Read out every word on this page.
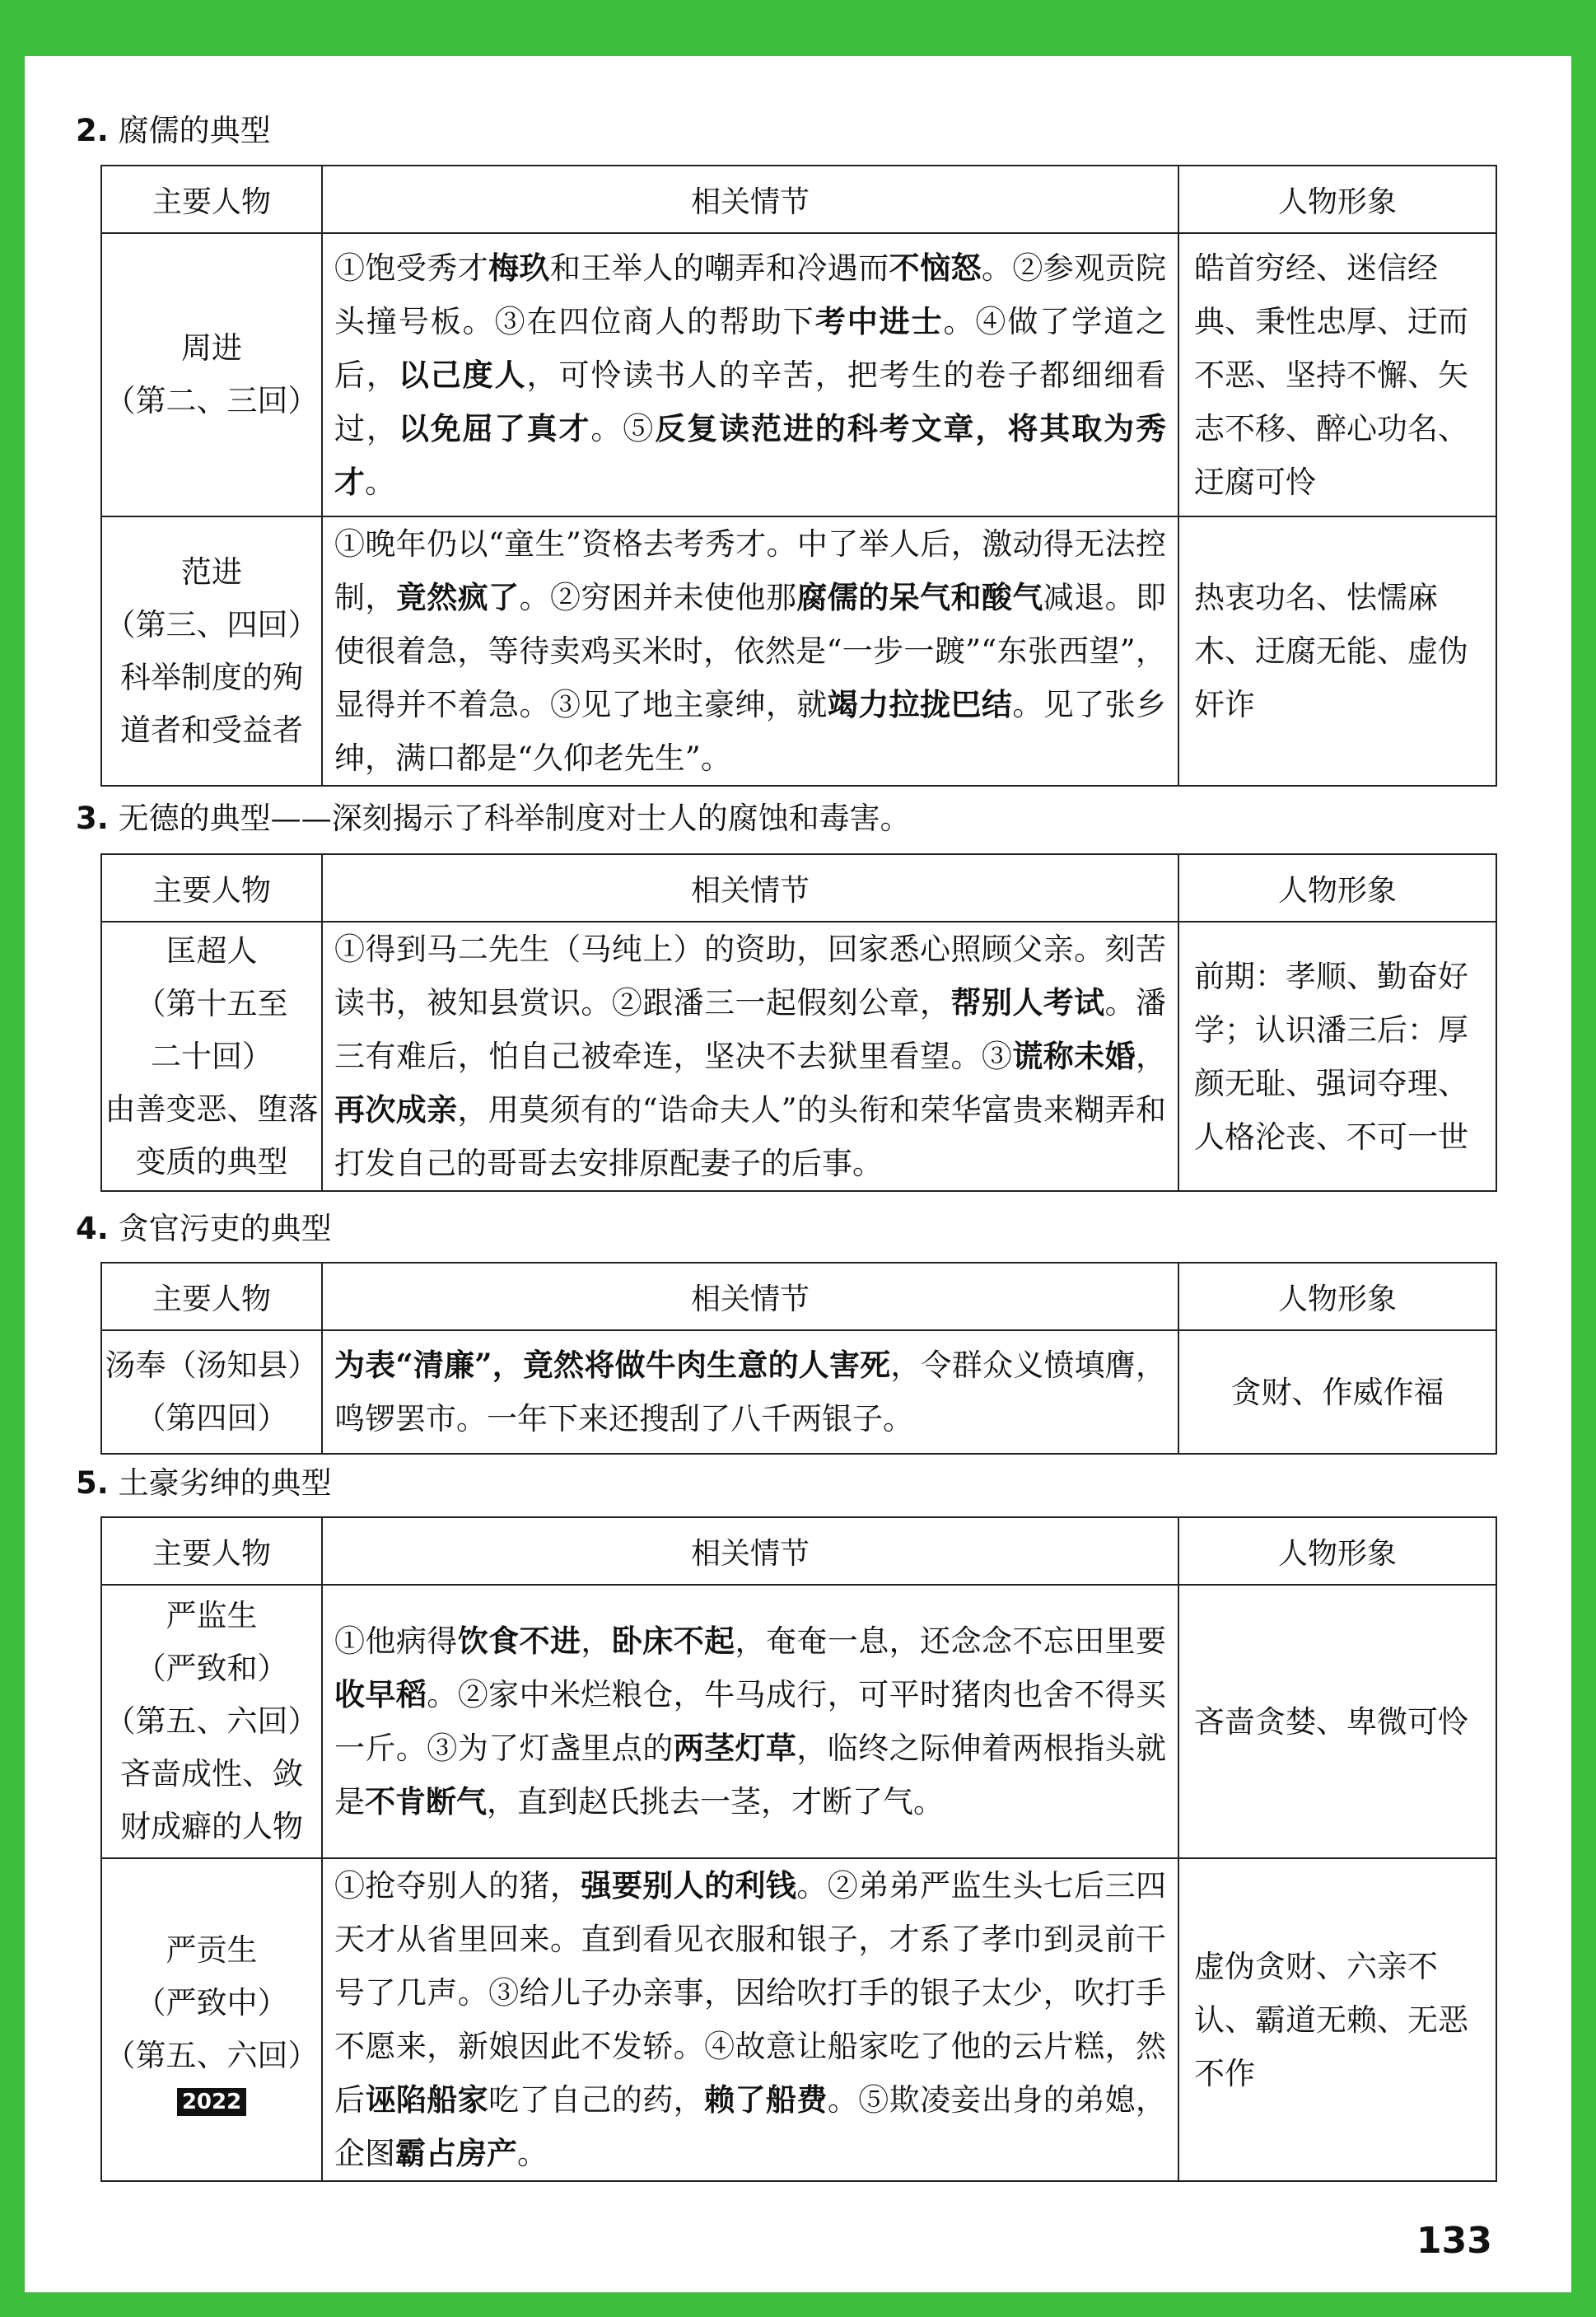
2. 腐儒的典型
主要人物	相关情节	人物形象

周进
（第二、三回）	①饱受秀才梅玖和王举人的嘲弄和冷遇而不恼怒。②参观贡院头撞号板。③在四位商人的帮助下考中进士。④做了学道之后，以己度人，可怜读书人的辛苦，把考生的卷子都细细看过，以免屈了真才。⑤反复读范进的科考文章，将其取为秀才。	皓首穷经、迷信经典、秉性忠厚、迂而不恶、坚持不懈、矢志不移、醉心功名、迂腐可怜

范进
（第三、四回）
科举制度的殉
道者和受益者	①晚年仍以“童生”资格去考秀才。中了举人后，激动得无法控制，竟然疯了。②穷困并未使他那腐儒的呆气和酸气减退。即使很着急，等待卖鸡买米时，依然是“一步一踱”“东张西望”，显得并不着急。③见了地主豪绅，就竭力拉拢巴结。见了张乡绅，满口都是“久仰老先生”。	热衷功名、怯懦麻木、迂腐无能、虚伪奸诈
3. 无德的典型——深刻揭示了科举制度对士人的腐蚀和毒害。
主要人物	相关情节	人物形象

匡超人
（第十五至
二十回）
由善变恶、堕落
变质的典型	①得到马二先生（马纯上）的资助，回家悉心照顾父亲。刻苦读书，被知县赏识。②跟潘三一起假刻公章，帮别人考试。潘三有难后，怕自己被牵连，坚决不去狱里看望。③谎称未婚，再次成亲，用莫须有的“诰命夫人”的头衔和荣华富贵来糊弄和打发自己的哥哥去安排原配妻子的后事。	前期：孝顺、勤奋好学；认识潘三后：厚颜无耻、强词夺理、人格沦丧、不可一世
4. 贪官污吏的典型
主要人物	相关情节	人物形象

汤奉（汤知县）
（第四回）	为表“清廉”，竟然将做牛肉生意的人害死，令群众义愤填膺，鸣锣罢市。一年下来还搜刮了八千两银子。	贪财、作威作福
5. 土豪劣绅的典型
主要人物	相关情节	人物形象

严监生
（严致和）
（第五、六回）
吝啬成性、敛
财成癖的人物	①他病得饮食不进，卧床不起，奄奄一息，还念念不忘田里要收早稻。②家中米烂粮仓，牛马成行，可平时猪肉也舍不得买一斤。③为了灯盏里点的两茎灯草，临终之际伸着两根指头就是不肯断气，直到赵氏挑去一茎，才断了气。	吝啬贪婪、卑微可怜

严贡生
（严致中）
（第五、六回）
2022	①抢夺别人的猪，强要别人的利钱。②弟弟严监生头七后三四天才从省里回来。直到看见衣服和银子，才系了孝巾到灵前干号了几声。③给儿子办亲事，因给吹打手的银子太少，吹打手不愿来，新娘因此不发轿。④故意让船家吃了他的云片糕，然后诬陷船家吃了自己的药，赖了船费。⑤欺凌妾出身的弟媳，企图霸占房产。	虚伪贪财、六亲不认、霸道无赖、无恶不作
133
